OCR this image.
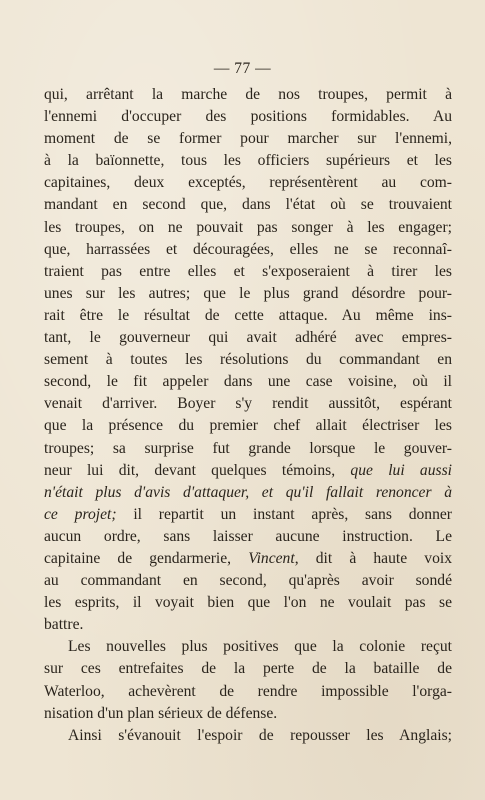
— 77 —
qui, arrêtant la marche de nos troupes, permit à
l'ennemi d'occuper des positions formidables. Au
moment de se former pour marcher sur l'ennemi,
à la baïonnette, tous les officiers supérieurs et les
capitaines, deux exceptés, représentèrent au com-
mandant en second que, dans l'état où se trouvaient
les troupes, on ne pouvait pas songer à les engager;
que, harrassées et découragées, elles ne se reconnaî-
traient pas entre elles et s'exposeraient à tirer les
unes sur les autres; que le plus grand désordre pour-
rait être le résultat de cette attaque. Au même ins-
tant, le gouverneur qui avait adhéré avec empres-
sement à toutes les résolutions du commandant en
second, le fit appeler dans une case voisine, où il
venait d'arriver. Boyer s'y rendit aussitôt, espérant
que la présence du premier chef allait électriser les
troupes; sa surprise fut grande lorsque le gouver-
neur lui dit, devant quelques témoins, que lui aussi
n'était plus d'avis d'attaquer, et qu'il fallait renoncer à
ce projet; il repartit un instant après, sans donner
aucun ordre, sans laisser aucune instruction. Le
capitaine de gendarmerie, Vincent, dit à haute voix
au commandant en second, qu'après avoir sondé
les esprits, il voyait bien que l'on ne voulait pas se
battre.
Les nouvelles plus positives que la colonie reçut
sur ces entrefaites de la perte de la bataille de
Waterloo, achevèrent de rendre impossible l'orga-
nisation d'un plan sérieux de défense.
Ainsi s'évanouit l'espoir de repousser les Anglais;
